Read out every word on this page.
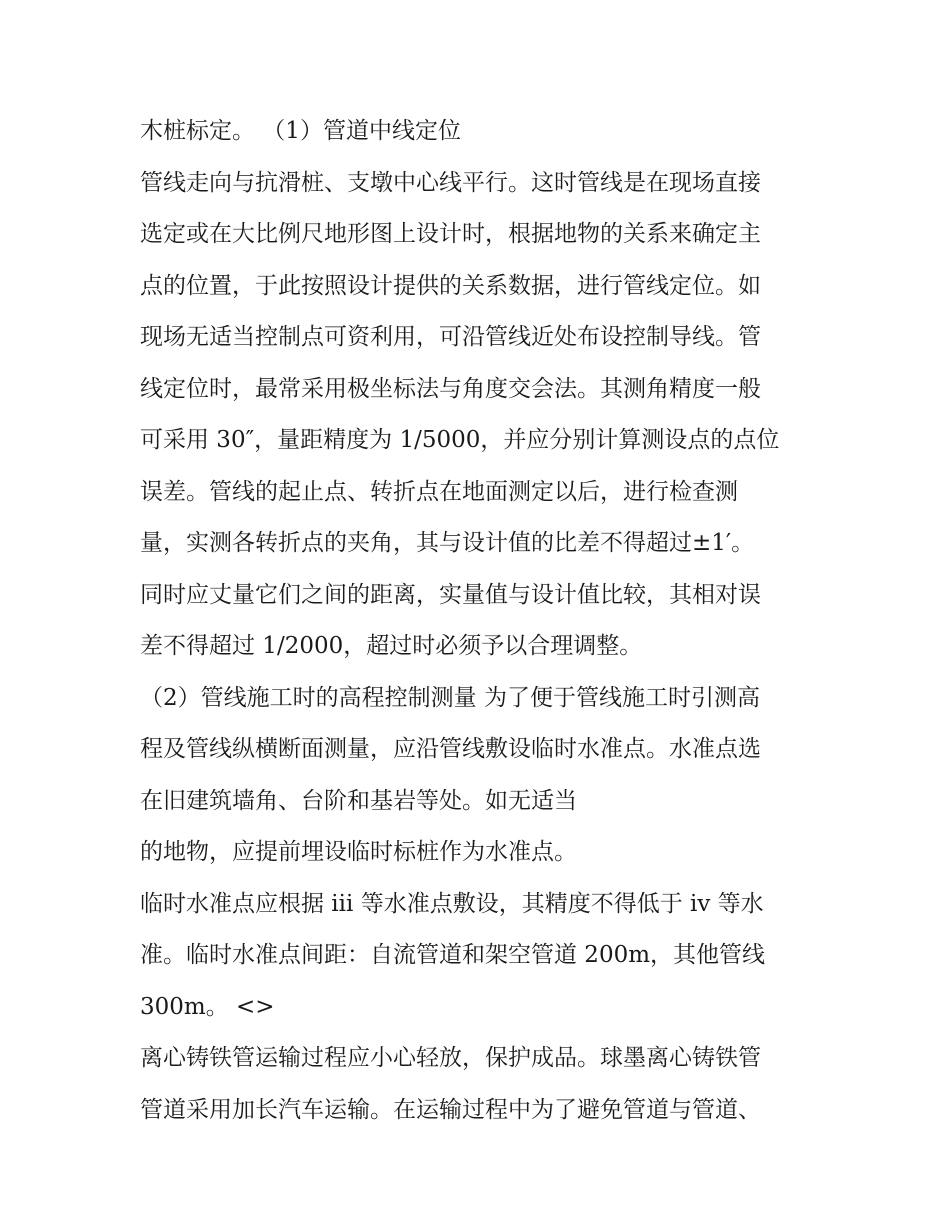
木桩标定。 （1）管道中线定位

管线走向与抗滑桩、支墩中心线平行。这时管线是在现场直接

选定或在大比例尺地形图上设计时，根据地物的关系来确定主

点的位置，于此按照设计提供的关系数据，进行管线定位。如

现场无适当控制点可资利用，可沿管线近处布设控制导线。管

线定位时，最常采用极坐标法与角度交会法。其测角精度一般

可采用 30″，量距精度为 1/5000，并应分别计算测设点的点位

误差。管线的起止点、转折点在地面测定以后，进行检查测

量，实测各转折点的夹角，其与设计值的比差不得超过±1′。

同时应丈量它们之间的距离，实量值与设计值比较，其相对误

差不得超过 1/2000，超过时必须予以合理调整。

（2）管线施工时的高程控制测量 为了便于管线施工时引测高

程及管线纵横断面测量，应沿管线敷设临时水准点。水准点选

在旧建筑墙角、台阶和基岩等处。如无适当

的地物，应提前埋设临时标桩作为水准点。

临时水准点应根据 iii 等水准点敷设，其精度不得低于 iv 等水

准。临时水准点间距：自流管道和架空管道 200m，其他管线

300m。 <>

离心铸铁管运输过程应小心轻放，保护成品。球墨离心铸铁管

管道采用加长汽车运输。在运输过程中为了避免管道与管道、
